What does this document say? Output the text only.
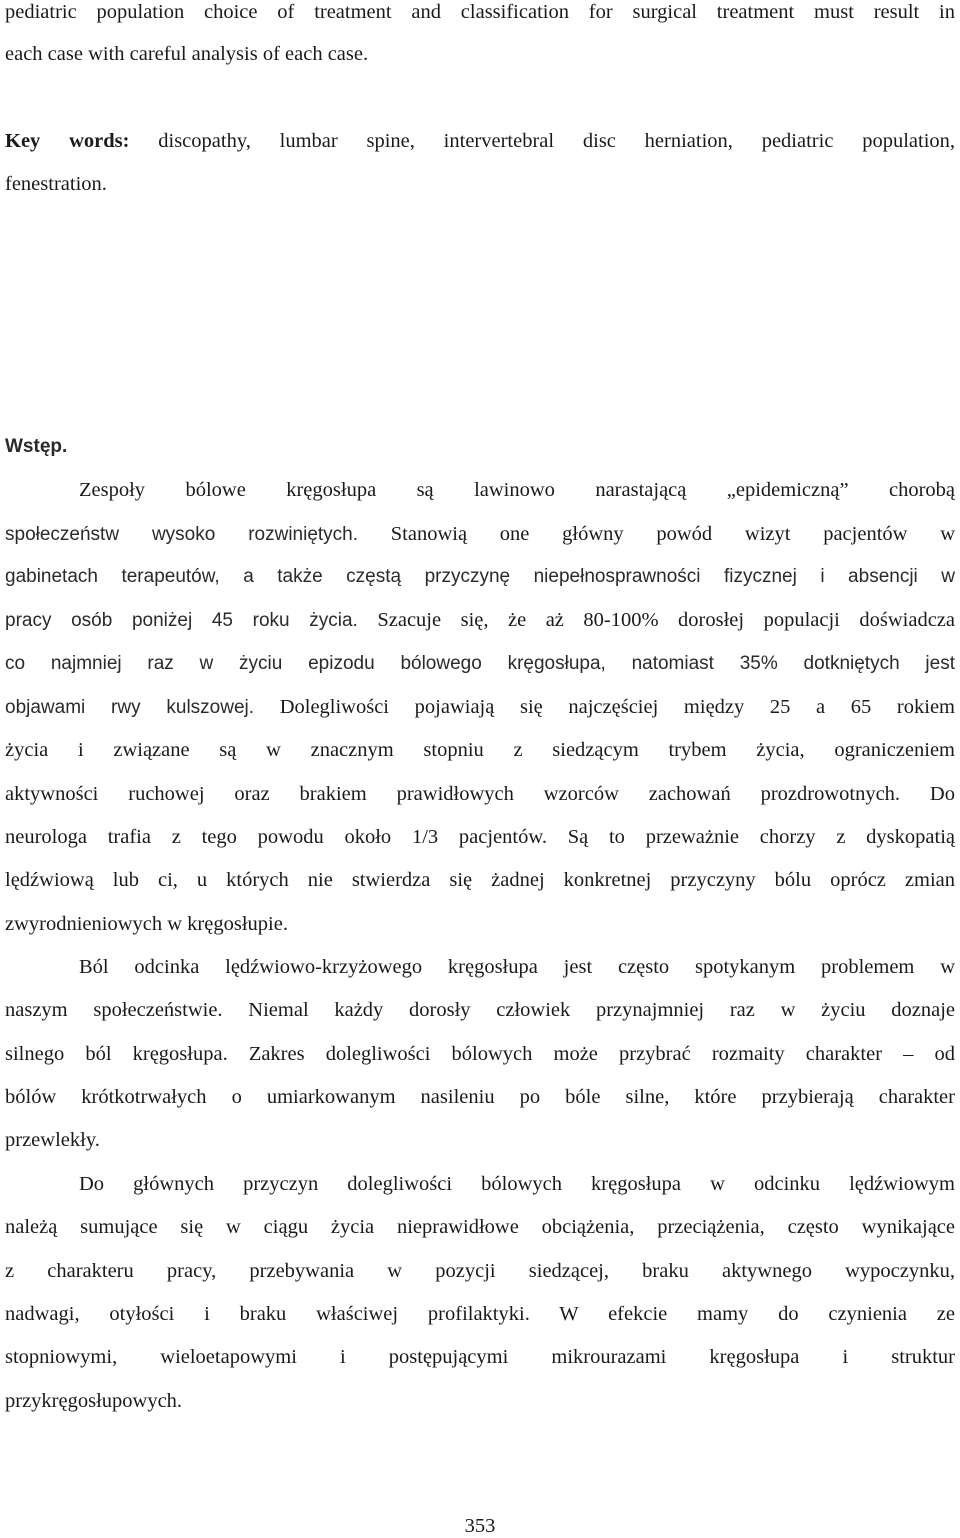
pediatric population choice of treatment and classification for surgical treatment must result in
each case with careful analysis of each case.
Key words: discopathy, lumbar spine, intervertebral disc herniation, pediatric population,
fenestration.
Wstęp.
Zespoły bólowe kręgosłupa są lawinowo narastającą „epidemiczną” chorobą
społeczeństw wysoko rozwiniętych. Stanowią one główny powód wizyt pacjentów w
gabinetach terapeutów, a także częstą przyczynę niepełnosprawności fizycznej i absencji w
pracy osób poniżej 45 roku życia. Szacuje się, że aż 80-100% dorosłej populacji doświadcza
co najmniej raz w życiu epizodu bólowego kręgosłupa, natomiast 35% dotkniętych jest
objawami rwy kulszowej. Dolegliwości pojawiają się najczęściej między 25 a 65 rokiem
życia i związane są w znacznym stopniu z siedzącym trybem życia, ograniczeniem
aktywności ruchowej oraz brakiem prawidłowych wzorców zachowań prozdrowotnych. Do
neurologa trafia z tego powodu około 1/3 pacjentów. Są to przeważnie chorzy z dyskopatią
lędźwiową lub ci, u których nie stwierdza się żadnej konkretnej przyczyny bólu oprócz zmian
zwyrodnieniowych w kręgosłupie.
Ból odcinka lędźwiowo-krzyżowego kręgosłupa jest często spotykanym problemem w
naszym społeczeństwie. Niemal każdy dorosły człowiek przynajmniej raz w życiu doznaje
silnego ból kręgosłupa. Zakres dolegliwości bólowych może przybrać rozmaity charakter – od
bólów krótkotrwałych o umiarkowanym nasileniu po bóle silne, które przybierają charakter
przewlekły.
Do głównych przyczyn dolegliwości bólowych kręgosłupa w odcinku lędźwiowym
należą sumujące się w ciągu życia nieprawidłowe obciążenia, przeciążenia, często wynikające
z charakteru pracy, przebywania w pozycji siedzącej, braku aktywnego wypoczynku,
nadwagi, otyłości i braku właściwej profilaktyki. W efekcie mamy do czynienia ze
stopniowymi, wieloetapowymi i postępującymi mikrourazami kręgosłupa i struktur
przykręgosłupowych.
353
